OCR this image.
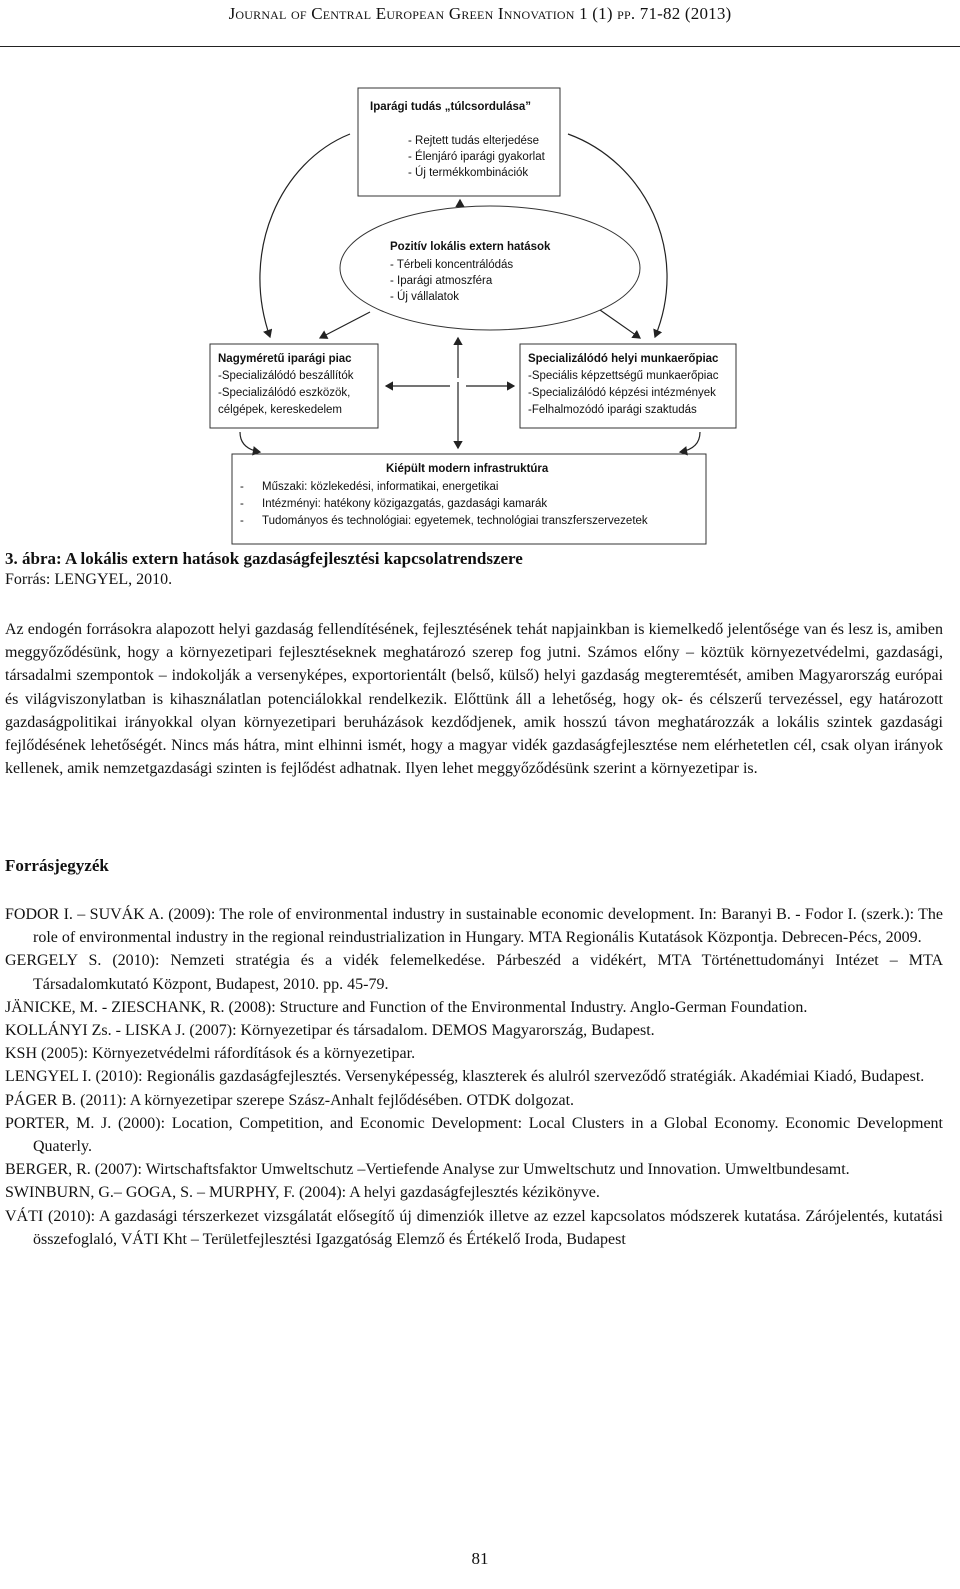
Journal of Central European Green Innovation 1 (1) pp. 71-82 (2013)
Iparági tudás „túlcsordulása”
- Rejtett tudás elterjedése
- Élenjáró iparági gyakorlat
- Új termékkombinációk
Pozitív lokális extern hatások
- Térbeli koncentrálódás
- Iparági atmoszféra
- Új vállalatok
Nagyméretű iparági piac
-Specializálódó beszállítók
-Specializálódó eszközök,
célgépek, kereskedelem
Specializálódó helyi munkaerőpiac
-Speciális képzettségű munkaerőpiac
-Specializálódó képzési intézmények
-Felhalmozódó iparági szaktudás
Kiépült modern infrastruktúra
- Műszaki: közlekedési, informatikai, energetikai
- Intézményi: hatékony közigazgatás, gazdasági kamarák
- Tudományos és technológiai: egyetemek, technológiai transzferszervezetek
3. ábra: A lokális extern hatások gazdaságfejlesztési kapcsolatrendszere
Forrás: LENGYEL, 2010.
Az endogén forrásokra alapozott helyi gazdaság fellendítésének, fejlesztésének tehát napjainkban is kiemelkedő jelentősége van és lesz is, amiben meggyőződésünk, hogy a környezetipari fejlesztéseknek meghatározó szerep fog jutni. Számos előny – köztük környezetvédelmi, gazdasági, társadalmi szempontok – indokolják a versenyképes, exportorientált (belső, külső) helyi gazdaság megteremtését, amiben Magyarország európai és világviszonylatban is kihasználatlan potenciálokkal rendelkezik. Előttünk áll a lehetőség, hogy ok- és célszerű tervezéssel, egy határozott gazdaságpolitikai irányokkal olyan környezetipari beruházások kezdődjenek, amik hosszú távon meghatározzák a lokális szintek gazdasági fejlődésének lehetőségét. Nincs más hátra, mint elhinni ismét, hogy a magyar vidék gazdaságfejlesztése nem elérhetetlen cél, csak olyan irányok kellenek, amik nemzetgazdasági szinten is fejlődést adhatnak. Ilyen lehet meggyőződésünk szerint a környezetipar is.
Forrásjegyzék
FODOR I. – SUVÁK A. (2009): The role of environmental industry in sustainable economic development. In: Baranyi B. - Fodor I. (szerk.): The role of environmental industry in the regional reindustrialization in Hungary. MTA Regionális Kutatások Központja. Debrecen-Pécs, 2009.
GERGELY S. (2010): Nemzeti stratégia és a vidék felemelkedése. Párbeszéd a vidékért, MTA Történettudományi Intézet – MTA Társadalomkutató Központ, Budapest, 2010. pp. 45-79.
JÄNICKE, M. - ZIESCHANK, R. (2008): Structure and Function of the Environmental Industry. Anglo-German Foundation.
KOLLÁNYI Zs. - LISKA J. (2007): Környezetipar és társadalom. DEMOS Magyarország, Budapest.
KSH (2005): Környezetvédelmi ráfordítások és a környezetipar.
LENGYEL I. (2010): Regionális gazdaságfejlesztés. Versenyképesség, klaszterek és alulról szerveződő stratégiák. Akadémiai Kiadó, Budapest.
PÁGER B. (2011): A környezetipar szerepe Szász-Anhalt fejlődésében. OTDK dolgozat.
PORTER, M. J. (2000): Location, Competition, and Economic Development: Local Clusters in a Global Economy. Economic Development Quaterly.
BERGER, R. (2007): Wirtschaftsfaktor Umweltschutz –Vertiefende Analyse zur Umweltschutz und Innovation. Umweltbundesamt.
SWINBURN, G.– GOGA, S. – MURPHY, F. (2004): A helyi gazdaságfejlesztés kézikönyve.
VÁTI (2010): A gazdasági térszerkezet vizsgálatát elősegítő új dimenziók illetve az ezzel kapcsolatos módszerek kutatása. Zárójelentés, kutatási összefoglaló, VÁTI Kht – Területfejlesztési Igazgatóság Elemző és Értékelő Iroda, Budapest
81
